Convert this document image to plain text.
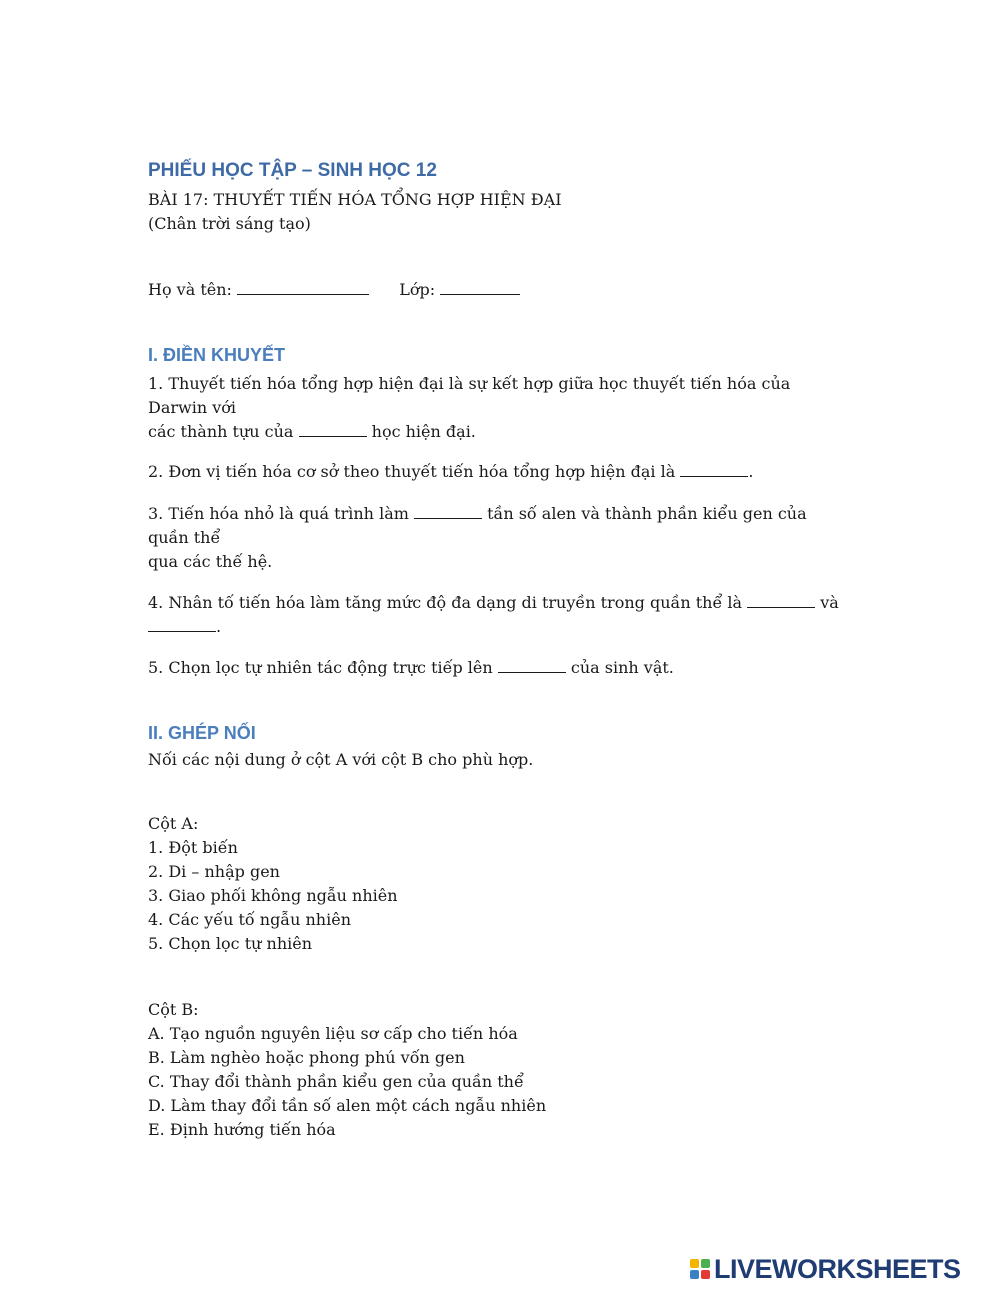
PHIẾU HỌC TẬP – SINH HỌC 12

BÀI 17: THUYẾT TIẾN HÓA TỔNG HỢP HIỆN ĐẠI

(Chân trời sáng tạo)

Họ và tên:	Lớp:

I. ĐIỀN KHUYẾT

1. Thuyết tiến hóa tổng hợp hiện đại là sự kết hợp giữa học thuyết tiến hóa của Darwin với
các thành tựu của	học hiện đại.

2. Đơn vị tiến hóa cơ sở theo thuyết tiến hóa tổng hợp hiện đại là	.

3. Tiến hóa nhỏ là quá trình làm	tần số alen và thành phần kiểu gen của quần thể
qua các thế hệ.

4. Nhân tố tiến hóa làm tăng mức độ đa dạng di truyền trong quần thể là	và
.

5. Chọn lọc tự nhiên tác động trực tiếp lên	của sinh vật.

II. GHÉP NỐI

Nối các nội dung ở cột A với cột B cho phù hợp.

Cột A:

1. Đột biến
2. Di – nhập gen
3. Giao phối không ngẫu nhiên
4. Các yếu tố ngẫu nhiên
5. Chọn lọc tự nhiên

Cột B:

A. Tạo nguồn nguyên liệu sơ cấp cho tiến hóa
B. Làm nghèo hoặc phong phú vốn gen
C. Thay đổi thành phần kiểu gen của quần thể
D. Làm thay đổi tần số alen một cách ngẫu nhiên
E. Định hướng tiến hóa
LIVEWORKSHEETS
